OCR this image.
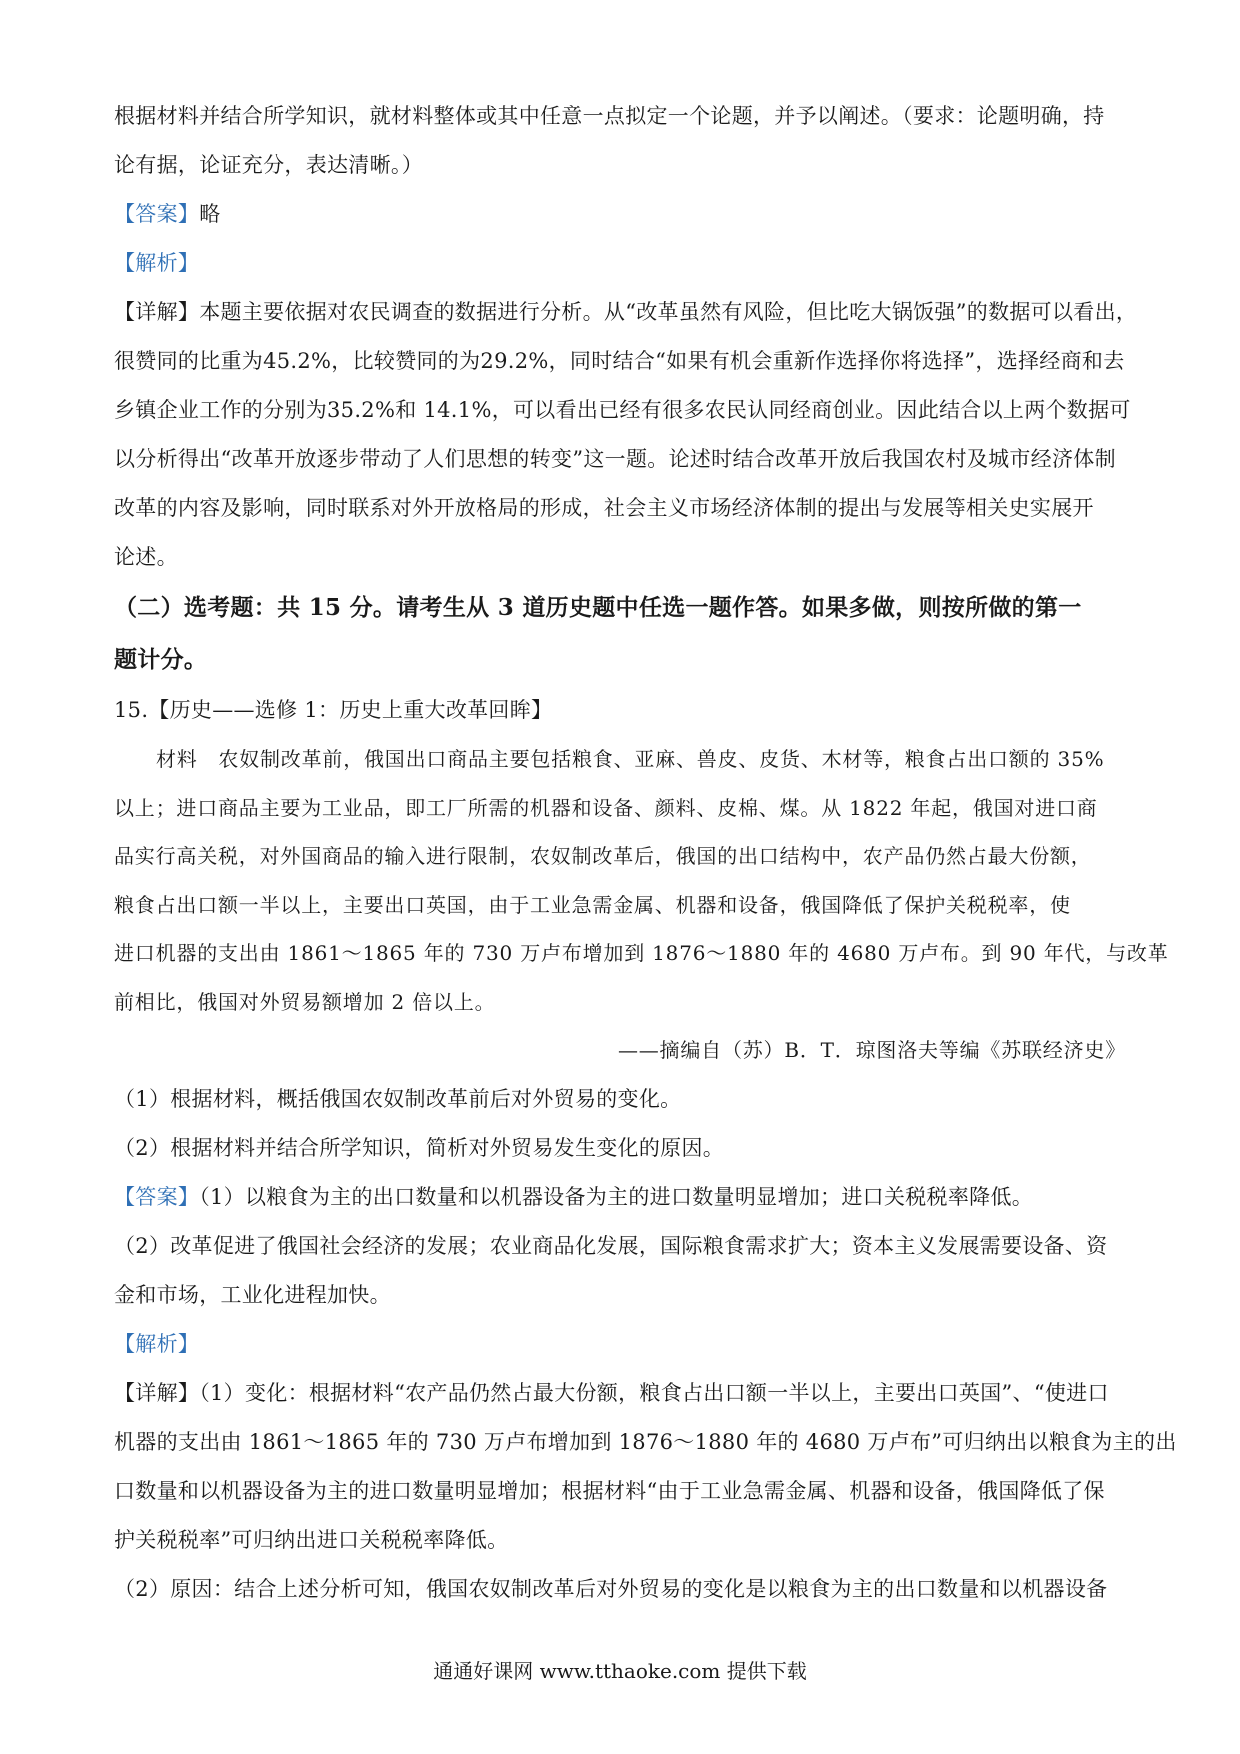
根据材料并结合所学知识，就材料整体或其中任意一点拟定一个论题，并予以阐述。（要求：论题明确，持
论有据，论证充分，表达清晰。）
【答案】略
【解析】
【详解】本题主要依据对农民调查的数据进行分析。从“改革虽然有风险，但比吃大锅饭强”的数据可以看出，
很赞同的比重为45.2%，比较赞同的为29.2%，同时结合“如果有机会重新作选择你将选择”，选择经商和去
乡镇企业工作的分别为35.2%和 14.1%，可以看出已经有很多农民认同经商创业。因此结合以上两个数据可
以分析得出“改革开放逐步带动了人们思想的转变”这一题。论述时结合改革开放后我国农村及城市经济体制
改革的内容及影响，同时联系对外开放格局的形成，社会主义市场经济体制的提出与发展等相关史实展开
论述。
（二）选考题：共 15 分。请考生从 3 道历史题中任选一题作答。如果多做，则按所做的第一
题计分。
15.【历史——选修 1：历史上重大改革回眸】
材料　农奴制改革前，俄国出口商品主要包括粮食、亚麻、兽皮、皮货、木材等，粮食占出口额的 35%
以上；进口商品主要为工业品，即工厂所需的机器和设备、颜料、皮棉、煤。从 1822 年起，俄国对进口商
品实行高关税，对外国商品的输入进行限制，农奴制改革后，俄国的出口结构中，农产品仍然占最大份额，
粮食占出口额一半以上，主要出口英国，由于工业急需金属、机器和设备，俄国降低了保护关税税率，使
进口机器的支出由 1861～1865 年的 730 万卢布增加到 1876～1880 年的 4680 万卢布。到 90 年代，与改革
前相比，俄国对外贸易额增加 2 倍以上。
——摘编自（苏）B．T．琼图洛夫等编《苏联经济史》
（1）根据材料，概括俄国农奴制改革前后对外贸易的变化。
（2）根据材料并结合所学知识，简析对外贸易发生变化的原因。
【答案】（1）以粮食为主的出口数量和以机器设备为主的进口数量明显增加；进口关税税率降低。
（2）改革促进了俄国社会经济的发展；农业商品化发展，国际粮食需求扩大；资本主义发展需要设备、资
金和市场，工业化进程加快。
【解析】
【详解】（1）变化：根据材料“农产品仍然占最大份额，粮食占出口额一半以上，主要出口英国”、“使进口
机器的支出由 1861～1865 年的 730 万卢布增加到 1876～1880 年的 4680 万卢布”可归纳出以粮食为主的出
口数量和以机器设备为主的进口数量明显增加；根据材料“由于工业急需金属、机器和设备，俄国降低了保
护关税税率”可归纳出进口关税税率降低。
（2）原因：结合上述分析可知，俄国农奴制改革后对外贸易的变化是以粮食为主的出口数量和以机器设备
通通好课网 www.tthaoke.com 提供下载
